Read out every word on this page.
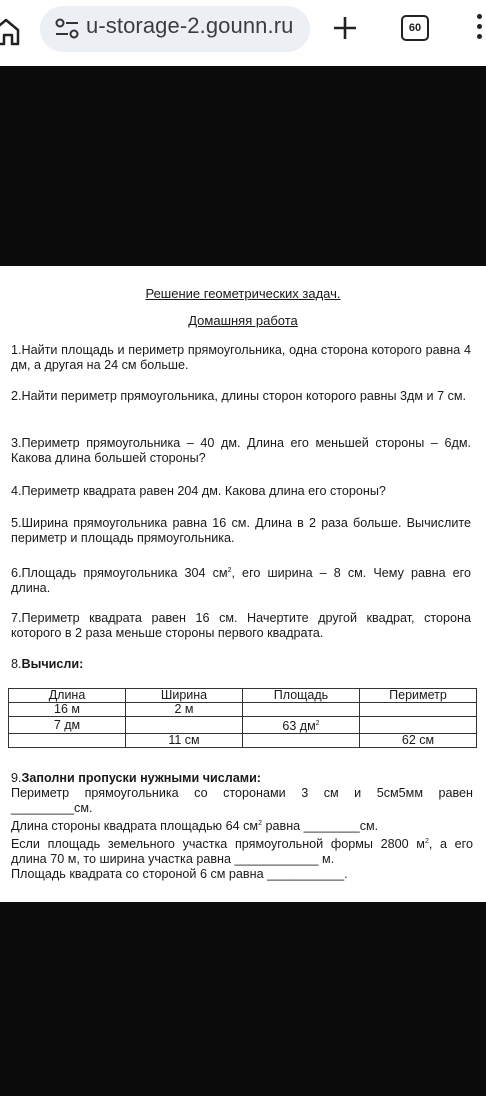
u-storage-2.gounn.ru	60
Решение геометрических задач.
Домашняя работа

1.Найти площадь и периметр прямоугольника, одна сторона которого равна 4 дм, а другая на 24 см больше.

2.Найти периметр прямоугольника, длины сторон которого равны 3дм и 7 см.

3.Периметр прямоугольника – 40 дм. Длина его меньшей стороны – 6дм. Какова длина большей стороны?

4.Периметр квадрата равен 204 дм. Какова длина его стороны?

5.Ширина прямоугольника равна 16 см. Длина в 2 раза больше. Вычислите периметр и площадь прямоугольника.

6.Площадь прямоугольника 304 $см^2$, его ширина – 8 см. Чему равна его длина.

7.Периметр квадрата равен 16 см. Начертите другой квадрат, сторона которого в 2 раза меньше стороны первого квадрата.

8.Вычисли:

Длина	Ширина	Площадь	Периметр
16 м	2 м		
7 дм		63 $дм^2$	
	11 см		62 см
9.Заполни пропуски нужными числами:
Периметр прямоугольника со сторонами 3 см и 5см5мм равен
_________см.
Длина стороны квадрата площадью 64 $см^2$ равна ________см.
Если площадь земельного участка прямоугольной формы 2800 $м^2$, а его длина 70 м, то ширина участка равна ____________ м.
Площадь квадрата со стороной 6 см равна ___________.
